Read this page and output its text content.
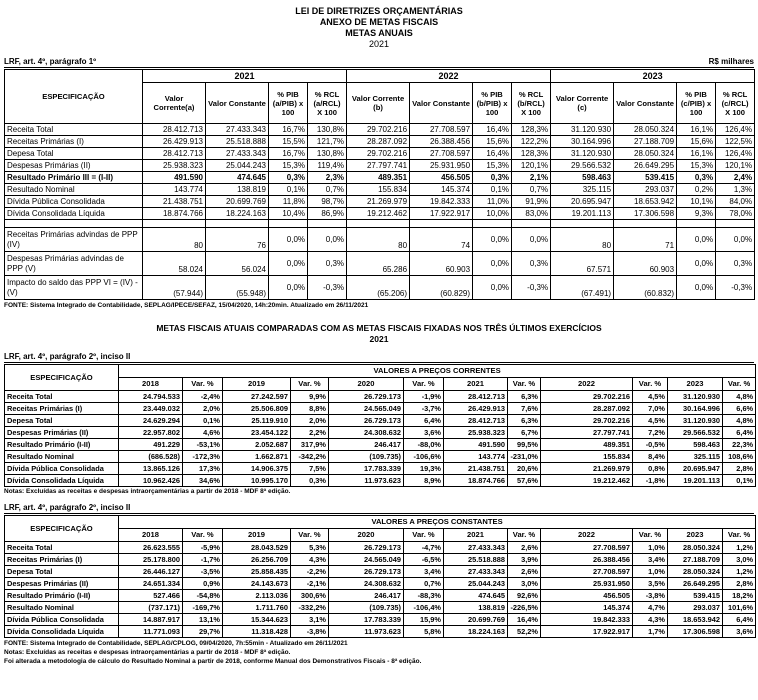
LEI DE DIRETRIZES ORÇAMENTÁRIAS
ANEXO DE METAS FISCAIS
METAS ANUAIS
2021
LRF, art. 4º, parágrafo 1º	R$ milhares
ESPECIFICAÇÃO	2021				2022				2023			
	Valor Corrente(a)	Valor Constante	% PIB (a/PIB) x 100	% RCL (a/RCL) X 100	Valor Corrente (b)	Valor Constante	% PIB (b/PIB) x 100	% RCL (b/RCL) X 100	Valor Corrente (c)	Valor Constante	% PIB (c/PIB) x 100	% RCL (c/RCL) X 100
Receita Total	28.412.713	27.433.343	16,7%	130,8%	29.702.216	27.708.597	16,4%	128,3%	31.120.930	28.050.324	16,1%	126,4%
Receitas Primárias (I)	26.429.913	25.518.888	15,5%	121,7%	28.287.092	26.388.456	15,6%	122,2%	30.164.996	27.188.709	15,6%	122,5%
Depesa Total	28.412.713	27.433.343	16,7%	130,8%	29.702.216	27.708.597	16,4%	128,3%	31.120.930	28.050.324	16,1%	126,4%
Despesas Primárias (II)	25.938.323	25.044.243	15,3%	119,4%	27.797.741	25.931.950	15,3%	120,1%	29.566.532	26.649.295	15,3%	120,1%
Resultado Primário III = (I-II)	491.590	474.645	0,3%	2,3%	489.351	456.505	0,3%	2,1%	598.463	539.415	0,3%	2,4%
Resultado Nominal	143.774	138.819	0,1%	0,7%	155.834	145.374	0,1%	0,7%	325.115	293.037	0,2%	1,3%
Dívida Pública Consolidada	21.438.751	20.699.769	11,8%	98,7%	21.269.979	19.842.333	11,0%	91,9%	20.695.947	18.653.942	10,1%	84,0%
Dívida Consolidada Líquida	18.874.766	18.224.163	10,4%	86,9%	19.212.462	17.922.917	10,0%	83,0%	19.201.113	17.306.598	9,3%	78,0%

Receitas Primárias advindas de PPP (IV)	80	76	0,0%	0,0%	80	74	0,0%	0,0%	80	71	0,0%	0,0%
Despesas Primárias advindas de PPP (V)	58.024	56.024	0,0%	0,3%	65.286	60.903	0,0%	0,3%	67.571	60.903	0,0%	0,3%
Impacto do saldo das PPP VI = (IV) - (V)	(57.944)	(55.948)	0,0%	-0,3%	(65.206)	(60.829)	0,0%	-0,3%	(67.491)	(60.832)	0,0%	-0,3%
FONTE: Sistema Integrado de Contabilidade, SEPLAG/IPECE/SEFAZ, 15/04/2020, 14h:20min. Atualizado em 26/11/2021
METAS FISCAIS ATUAIS COMPARADAS COM AS METAS FISCAIS FIXADAS NOS TRÊS ÚLTIMOS EXERCÍCIOS
2021
LRF, art. 4º, parágrafo 2º, inciso II
ESPECIFICAÇÃO	VALORES A PREÇOS CORRENTES											
	2018	Var. %	2019	Var. %	2020	Var. %	2021	Var. %	2022	Var. %	2023	Var. %
Receita Total	24.794.533	-2,4%	27.242.597	9,9%	26.729.173	-1,9%	28.412.713	6,3%	29.702.216	4,5%	31.120.930	4,8%
Receitas Primárias (I)	23.449.032	2,0%	25.506.809	8,8%	24.565.049	-3,7%	26.429.913	7,6%	28.287.092	7,0%	30.164.996	6,6%
Depesa Total	24.629.294	0,1%	25.119.910	2,0%	26.729.173	6,4%	28.412.713	6,3%	29.702.216	4,5%	31.120.930	4,8%
Despesas Primárias (II)	22.957.802	4,6%	23.454.122	2,2%	24.308.632	3,6%	25.938.323	6,7%	27.797.741	7,2%	29.566.532	6,4%
Resultado Primário (I-II)	491.229	-53,1%	2.052.687	317,9%	246.417	-88,0%	491.590	99,5%	489.351	-0,5%	598.463	22,3%
Resultado Nominal	(686.528)	-172,3%	1.662.871	-342,2%	(109.735)	-106,6%	143.774	-231,0%	155.834	8,4%	325.115	108,6%
Dívida Pública Consolidada	13.865.126	17,3%	14.906.375	7,5%	17.783.339	19,3%	21.438.751	20,6%	21.269.979	0,8%	20.695.947	2,8%
Dívida Consolidada Líquida	10.962.426	34,6%	10.995.170	0,3%	11.973.623	8,9%	18.874.766	57,6%	19.212.462	-1,8%	19.201.113	0,1%
Notas: Excluídas as receitas e despesas intraorçamentárias a partir de 2018 - MDF 8ª edição.
LRF, art. 4º, parágrafo 2º, inciso II
ESPECIFICAÇÃO	VALORES A PREÇOS CONSTANTES											
	2018	Var. %	2019	Var. %	2020	Var. %	2021	Var. %	2022	Var. %	2023	Var. %
Receita Total	26.623.555	-5,9%	28.043.529	5,3%	26.729.173	-4,7%	27.433.343	2,6%	27.708.597	1,0%	28.050.324	1,2%
Receitas Primárias (I)	25.178.800	-1,7%	26.256.709	4,3%	24.565.049	-6,5%	25.518.888	3,9%	26.388.456	3,4%	27.188.709	3,0%
Depesa Total	26.446.127	-3,5%	25.858.435	-2,2%	26.729.173	3,4%	27.433.343	2,6%	27.708.597	1,0%	28.050.324	1,2%
Despesas Primárias (II)	24.651.334	0,9%	24.143.673	-2,1%	24.308.632	0,7%	25.044.243	3,0%	25.931.950	3,5%	26.649.295	2,8%
Resultado Primário (I-II)	527.466	-54,8%	2.113.036	300,6%	246.417	-88,3%	474.645	92,6%	456.505	-3,8%	539.415	18,2%
Resultado Nominal	(737.171)	-169,7%	1.711.760	-332,2%	(109.735)	-106,4%	138.819	-226,5%	145.374	4,7%	293.037	101,6%
Dívida Pública Consolidada	14.887.917	13,1%	15.344.623	3,1%	17.783.339	15,9%	20.699.769	16,4%	19.842.333	4,3%	18.653.942	6,4%
Dívida Consolidada Líquida	11.771.093	29,7%	11.318.428	-3,8%	11.973.623	5,8%	18.224.163	52,2%	17.922.917	1,7%	17.306.598	3,6%
FONTE: Sistema Integrado de Contabilidade, SEPLAG/CPLOG, 09/04/2020, 7h:55min - Atualizado em 26/11/2021
Notas: Excluídas as receitas e despesas intraorçamentárias a partir de 2018 - MDF 8ª edição.
Foi alterada a metodologia de cálculo do Resultado Nominal a partir de 2018, conforme Manual dos Demonstrativos Fiscais - 8ª edição.
